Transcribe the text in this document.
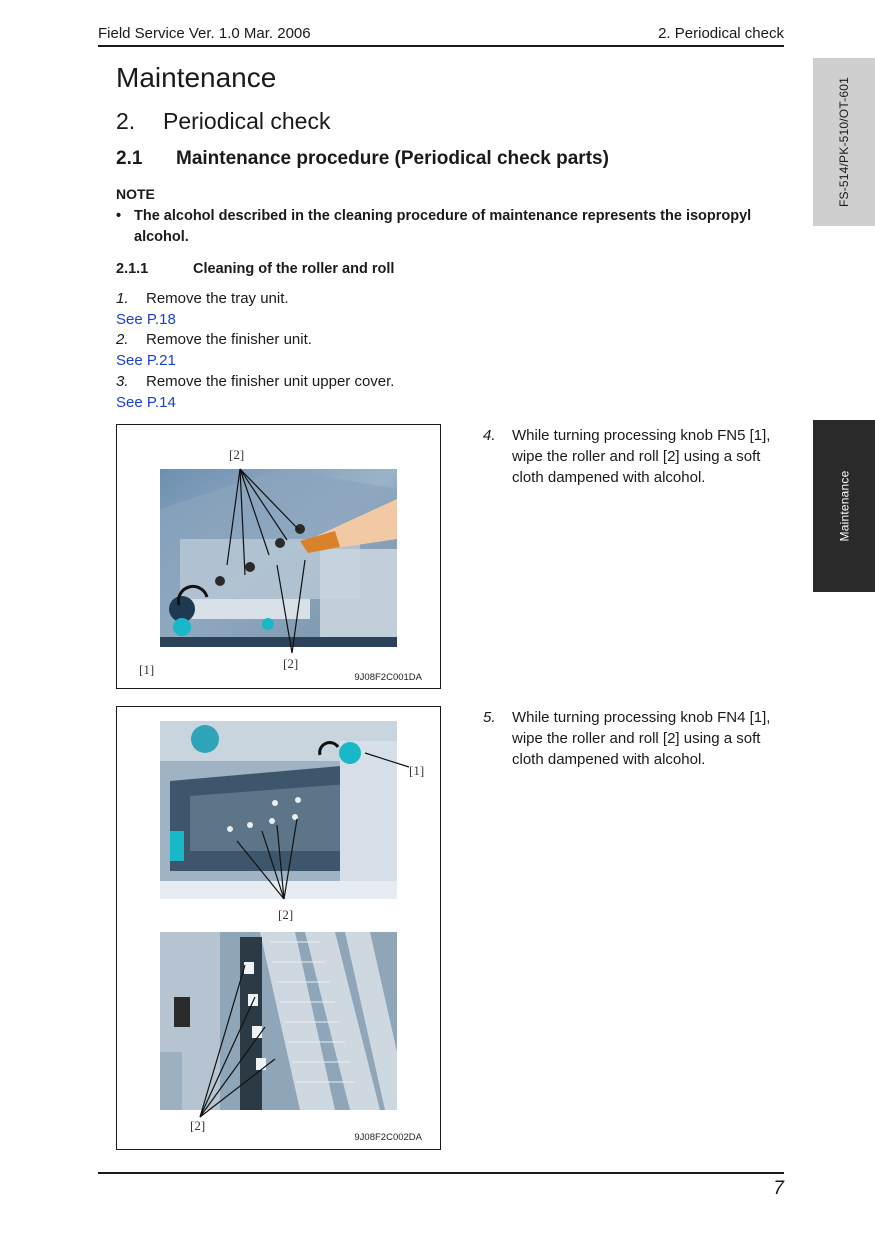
Field Service Ver. 1.0 Mar. 2006	2. Periodical check
FS-514/PK-510/OT-601
Maintenance
Maintenance
2. Periodical check
2.1 Maintenance procedure (Periodical check parts)
NOTE
• The alcohol described in the cleaning procedure of maintenance represents the isopropyl alcohol.
2.1.1	Cleaning of the roller and roll
1. Remove the tray unit.
See P.18
2. Remove the finisher unit.
See P.21
3. Remove the finisher unit upper cover.
See P.14
4.	While turning processing knob FN5 [1], wipe the roller and roll [2] using a soft cloth dampened with alcohol.
5.	While turning processing knob FN4 [1], wipe the roller and roll [2] using a soft cloth dampened with alcohol.
[2]
[2]
[1]
9J08F2C001DA
[1]
[2]
[2]
9J08F2C002DA
7
